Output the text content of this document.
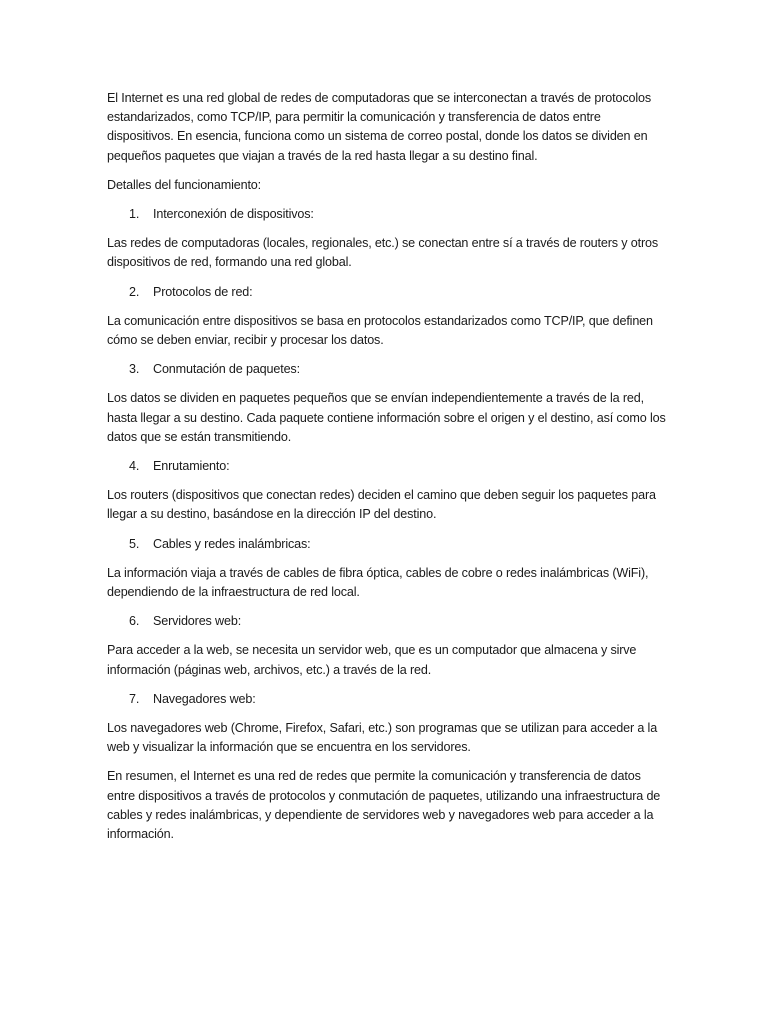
El Internet es una red global de redes de computadoras que se interconectan a través de protocolos estandarizados, como TCP/IP, para permitir la comunicación y transferencia de datos entre dispositivos. En esencia, funciona como un sistema de correo postal, donde los datos se dividen en pequeños paquetes que viajan a través de la red hasta llegar a su destino final.

Detalles del funcionamiento:

1.	Interconexión de dispositivos:

Las redes de computadoras (locales, regionales, etc.) se conectan entre sí a través de routers y otros dispositivos de red, formando una red global.

2.	Protocolos de red:

La comunicación entre dispositivos se basa en protocolos estandarizados como TCP/IP, que definen cómo se deben enviar, recibir y procesar los datos.

3.	Conmutación de paquetes:

Los datos se dividen en paquetes pequeños que se envían independientemente a través de la red, hasta llegar a su destino. Cada paquete contiene información sobre el origen y el destino, así como los datos que se están transmitiendo.

4.	Enrutamiento:

Los routers (dispositivos que conectan redes) deciden el camino que deben seguir los paquetes para llegar a su destino, basándose en la dirección IP del destino.

5.	Cables y redes inalámbricas:

La información viaja a través de cables de fibra óptica, cables de cobre o redes inalámbricas (WiFi), dependiendo de la infraestructura de red local.

6.	Servidores web:

Para acceder a la web, se necesita un servidor web, que es un computador que almacena y sirve información (páginas web, archivos, etc.) a través de la red.

7.	Navegadores web:

Los navegadores web (Chrome, Firefox, Safari, etc.) son programas que se utilizan para acceder a la web y visualizar la información que se encuentra en los servidores.

En resumen, el Internet es una red de redes que permite la comunicación y transferencia de datos entre dispositivos a través de protocolos y conmutación de paquetes, utilizando una infraestructura de cables y redes inalámbricas, y dependiente de servidores web y navegadores web para acceder a la información.
